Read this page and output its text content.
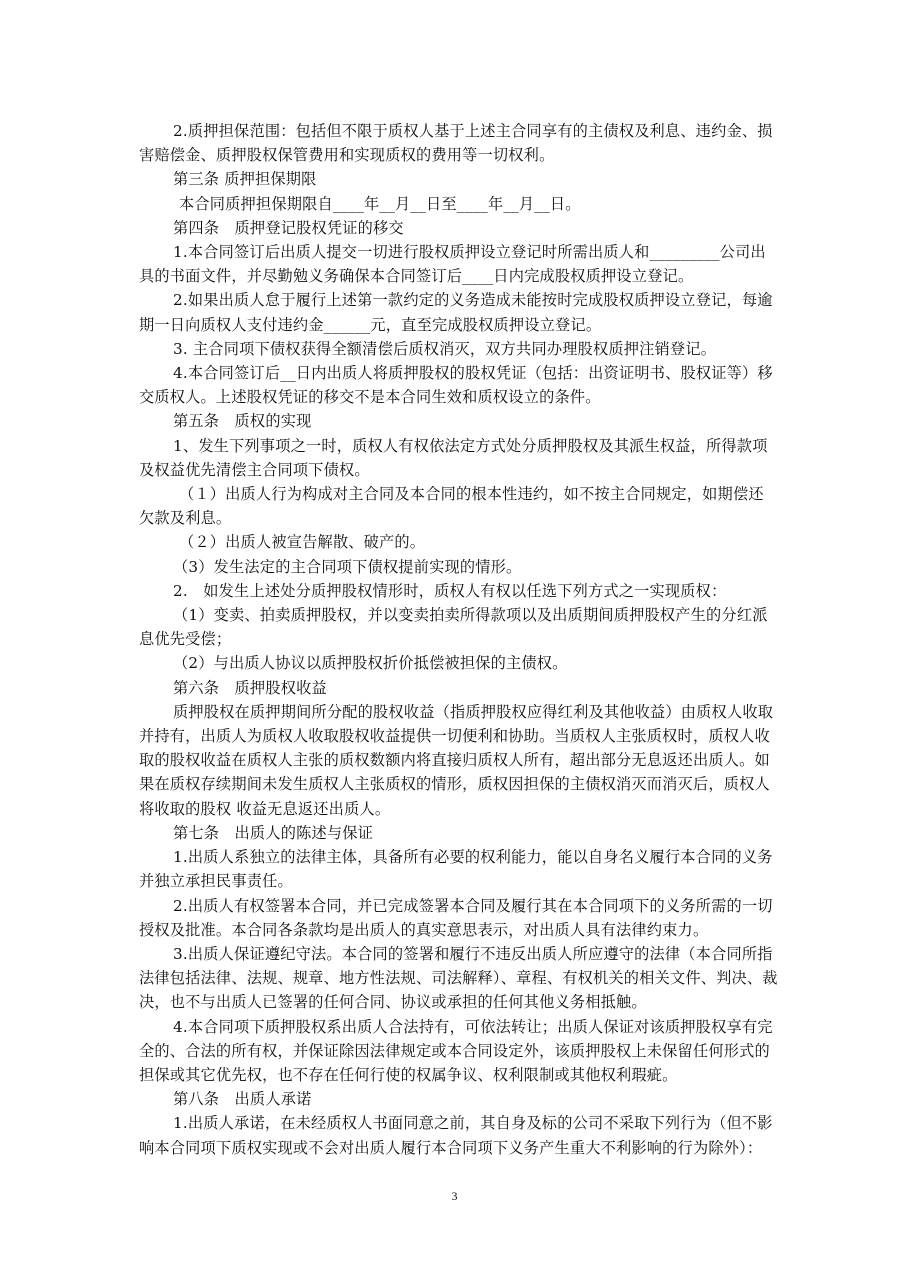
2.质押担保范围：包括但不限于质权人基于上述主合同享有的主债权及利息、违约金、损害赔偿金、质押股权保管费用和实现质权的费用等一切权利。

第三条 质押担保期限

本合同质押担保期限自____年__月__日至____年__月__日。

第四条　质押登记股权凭证的移交

1.本合同签订后出质人提交一切进行股权质押设立登记时所需出质人和_________公司出具的书面文件，并尽勤勉义务确保本合同签订后____日内完成股权质押设立登记。

2.如果出质人怠于履行上述第一款约定的义务造成未能按时完成股权质押设立登记，每逾期一日向质权人支付违约金______元，直至完成股权质押设立登记。

3. 主合同项下债权获得全额清偿后质权消灭，双方共同办理股权质押注销登记。

4.本合同签订后__日内出质人将质押股权的股权凭证（包括：出资证明书、股权证等）移交质权人。上述股权凭证的移交不是本合同生效和质权设立的条件。

第五条　质权的实现

1、发生下列事项之一时，质权人有权依法定方式处分质押股权及其派生权益，所得款项及权益优先清偿主合同项下债权。

（１）出质人行为构成对主合同及本合同的根本性违约，如不按主合同规定，如期偿还欠款及利息。

（２）出质人被宣告解散、破产的。

（3）发生法定的主合同项下债权提前实现的情形。

2.　如发生上述处分质押股权情形时，质权人有权以任选下列方式之一实现质权：

（1）变卖、拍卖质押股权，并以变卖拍卖所得款项以及出质期间质押股权产生的分红派息优先受偿；

（2）与出质人协议以质押股权折价抵偿被担保的主债权。

第六条　质押股权收益

质押股权在质押期间所分配的股权收益（指质押股权应得红利及其他收益）由质权人收取并持有，出质人为质权人收取股权收益提供一切便利和协助。当质权人主张质权时，质权人收取的股权收益在质权人主张的质权数额内将直接归质权人所有，超出部分无息返还出质人。如果在质权存续期间未发生质权人主张质权的情形，质权因担保的主债权消灭而消灭后，质权人将收取的股权 收益无息返还出质人。

第七条　出质人的陈述与保证

1.出质人系独立的法律主体，具备所有必要的权利能力，能以自身名义履行本合同的义务并独立承担民事责任。

2.出质人有权签署本合同，并已完成签署本合同及履行其在本合同项下的义务所需的一切授权及批准。本合同各条款均是出质人的真实意思表示，对出质人具有法律约束力。

3.出质人保证遵纪守法。本合同的签署和履行不违反出质人所应遵守的法律（本合同所指法律包括法律、法规、规章、地方性法规、司法解释）、章程、有权机关的相关文件、判决、裁决，也不与出质人已签署的任何合同、协议或承担的任何其他义务相抵触。

4.本合同项下质押股权系出质人合法持有，可依法转让；出质人保证对该质押股权享有完全的、合法的所有权，并保证除因法律规定或本合同设定外，该质押股权上未保留任何形式的担保或其它优先权，也不存在任何行使的权属争议、权利限制或其他权利瑕疵。

第八条　出质人承诺

1.出质人承诺，在未经质权人书面同意之前，其自身及标的公司不采取下列行为（但不影响本合同项下质权实现或不会对出质人履行本合同项下义务产生重大不利影响的行为除外）：

3
